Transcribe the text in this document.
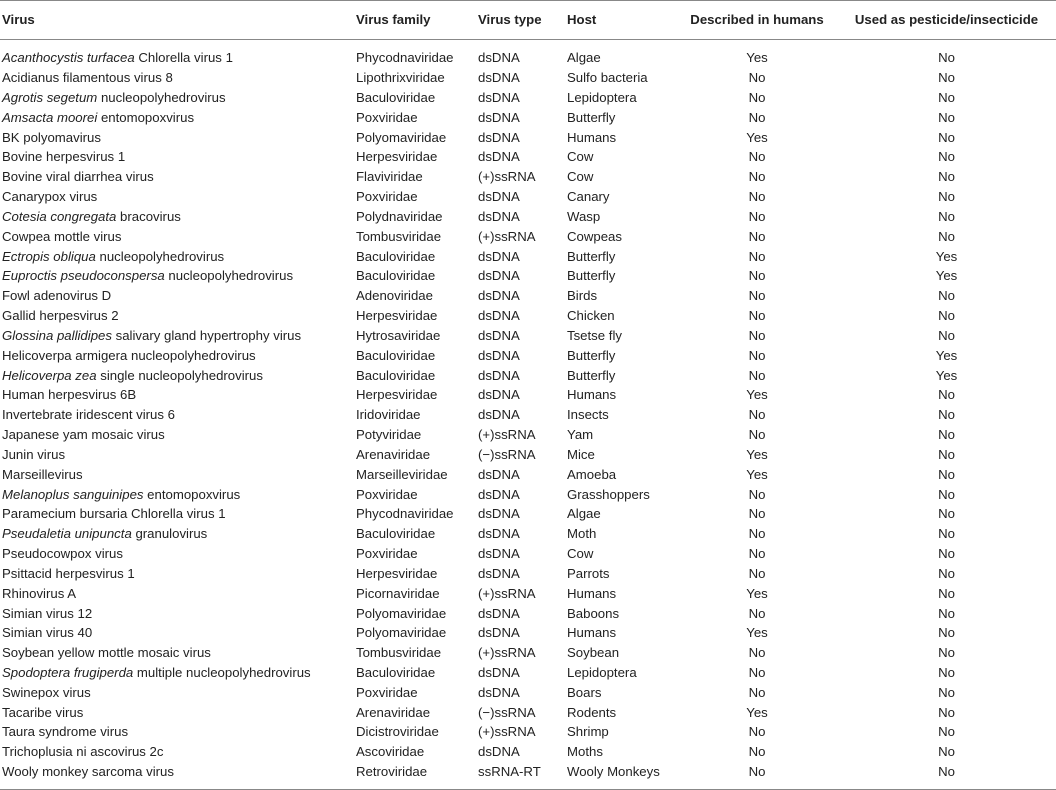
Virus	Virus family	Virus type	Host	Described in humans	Used as pesticide/insecticide
Acanthocystis turfacea Chlorella virus 1	Phycodnaviridae	dsDNA	Algae	Yes	No
Acidianus filamentous virus 8	Lipothrixviridae	dsDNA	Sulfo bacteria	No	No
Agrotis segetum nucleopolyhedrovirus	Baculoviridae	dsDNA	Lepidoptera	No	No
Amsacta moorei entomopoxvirus	Poxviridae	dsDNA	Butterfly	No	No
BK polyomavirus	Polyomaviridae	dsDNA	Humans	Yes	No
Bovine herpesvirus 1	Herpesviridae	dsDNA	Cow	No	No
Bovine viral diarrhea virus	Flaviviridae	(+)ssRNA	Cow	No	No
Canarypox virus	Poxviridae	dsDNA	Canary	No	No
Cotesia congregata bracovirus	Polydnaviridae	dsDNA	Wasp	No	No
Cowpea mottle virus	Tombusviridae	(+)ssRNA	Cowpeas	No	No
Ectropis obliqua nucleopolyhedrovirus	Baculoviridae	dsDNA	Butterfly	No	Yes
Euproctis pseudoconspersa nucleopolyhedrovirus	Baculoviridae	dsDNA	Butterfly	No	Yes
Fowl adenovirus D	Adenoviridae	dsDNA	Birds	No	No
Gallid herpesvirus 2	Herpesviridae	dsDNA	Chicken	No	No
Glossina pallidipes salivary gland hypertrophy virus	Hytrosaviridae	dsDNA	Tsetse fly	No	No
Helicoverpa armigera nucleopolyhedrovirus	Baculoviridae	dsDNA	Butterfly	No	Yes
Helicoverpa zea single nucleopolyhedrovirus	Baculoviridae	dsDNA	Butterfly	No	Yes
Human herpesvirus 6B	Herpesviridae	dsDNA	Humans	Yes	No
Invertebrate iridescent virus 6	Iridoviridae	dsDNA	Insects	No	No
Japanese yam mosaic virus	Potyviridae	(+)ssRNA	Yam	No	No
Junin virus	Arenaviridae	(−)ssRNA	Mice	Yes	No
Marseillevirus	Marseilleviridae	dsDNA	Amoeba	Yes	No
Melanoplus sanguinipes entomopoxvirus	Poxviridae	dsDNA	Grasshoppers	No	No
Paramecium bursaria Chlorella virus 1	Phycodnaviridae	dsDNA	Algae	No	No
Pseudaletia unipuncta granulovirus	Baculoviridae	dsDNA	Moth	No	No
Pseudocowpox virus	Poxviridae	dsDNA	Cow	No	No
Psittacid herpesvirus 1	Herpesviridae	dsDNA	Parrots	No	No
Rhinovirus A	Picornaviridae	(+)ssRNA	Humans	Yes	No
Simian virus 12	Polyomaviridae	dsDNA	Baboons	No	No
Simian virus 40	Polyomaviridae	dsDNA	Humans	Yes	No
Soybean yellow mottle mosaic virus	Tombusviridae	(+)ssRNA	Soybean	No	No
Spodoptera frugiperda multiple nucleopolyhedrovirus	Baculoviridae	dsDNA	Lepidoptera	No	No
Swinepox virus	Poxviridae	dsDNA	Boars	No	No
Tacaribe virus	Arenaviridae	(−)ssRNA	Rodents	Yes	No
Taura syndrome virus	Dicistroviridae	(+)ssRNA	Shrimp	No	No
Trichoplusia ni ascovirus 2c	Ascoviridae	dsDNA	Moths	No	No
Wooly monkey sarcoma virus	Retroviridae	ssRNA-RT	Wooly Monkeys	No	No
